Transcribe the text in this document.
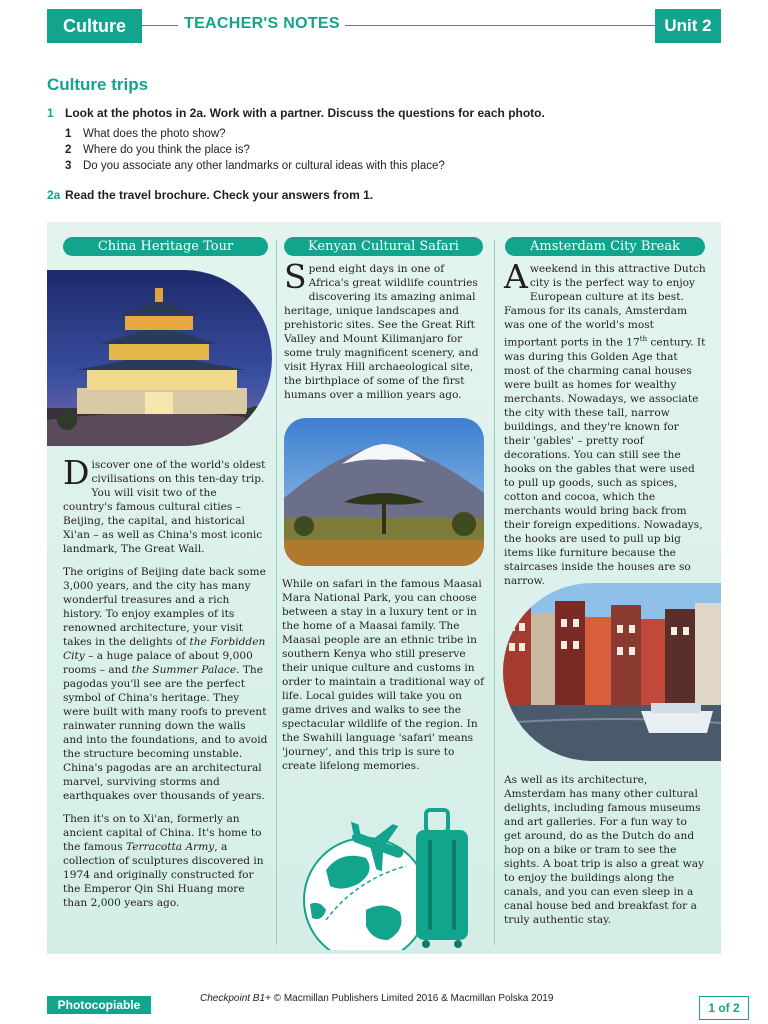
Culture	TEACHER'S NOTES	Unit 2
Culture trips
1 Look at the photos in 2a. Work with a partner. Discuss the questions for each photo.
1 What does the photo show?
2 Where do you think the place is?
3 Do you associate any other landmarks or cultural ideas with this place?
2a Read the travel brochure. Check your answers from 1.
China Heritage Tour	Kenyan Cultural Safari	Amsterdam City Break

Discover one of the world's oldest civilisations on this ten-day trip. You will visit two of the country's famous cultural cities – Beijing, the capital, and historical Xi'an – as well as China's most iconic landmark, The Great Wall.

The origins of Beijing date back some 3,000 years, and the city has many wonderful treasures and a rich history. To enjoy examples of its renowned architecture, your visit takes in the delights of the Forbidden City – a huge palace of about 9,000 rooms – and the Summer Palace. The pagodas you'll see are the perfect symbol of China's heritage. They were built with many roofs to prevent rainwater running down the walls and into the foundations, and to avoid the structure becoming unstable. China's pagodas are an architectural marvel, surviving storms and earthquakes over thousands of years.

Then it's on to Xi'an, formerly an ancient capital of China. It's home to the famous Terracotta Army, a collection of sculptures discovered in 1974 and originally constructed for the Emperor Qin Shi Huang more than 2,000 years ago.

Spend eight days in one of Africa's great wildlife countries discovering its amazing animal heritage, unique landscapes and prehistoric sites. See the Great Rift Valley and Mount Kilimanjaro for some truly magnificent scenery, and visit Hyrax Hill archaeological site, the birthplace of some of the first humans over a million years ago.

While on safari in the famous Maasai Mara National Park, you can choose between a stay in a luxury tent or in the home of a Maasai family. The Maasai people are an ethnic tribe in southern Kenya who still preserve their unique culture and customs in order to maintain a traditional way of life. Local guides will take you on game drives and walks to see the spectacular wildlife of the region. In the Swahili language 'safari' means 'journey', and this trip is sure to create lifelong memories.

A weekend in this attractive Dutch city is the perfect way to enjoy European culture at its best. Famous for its canals, Amsterdam was one of the world's most important ports in the 17th century. It was during this Golden Age that most of the charming canal houses were built as homes for wealthy merchants. Nowadays, we associate the city with these tall, narrow buildings, and they're known for their 'gables' – pretty roof decorations. You can still see the hooks on the gables that were used to pull up goods, such as spices, cotton and cocoa, which the merchants would bring back from their foreign expeditions. Nowadays, the hooks are used to pull up big items like furniture because the staircases inside the houses are so narrow.

As well as its architecture, Amsterdam has many other cultural delights, including famous museums and art galleries. For a fun way to get around, do as the Dutch do and hop on a bike or tram to see the sights. A boat trip is also a great way to enjoy the buildings along the canals, and you can even sleep in a canal house bed and breakfast for a truly authentic stay.

Photocopiable	Checkpoint B1+ © Macmillan Publishers Limited 2016 & Macmillan Polska 2019
1 of 2
